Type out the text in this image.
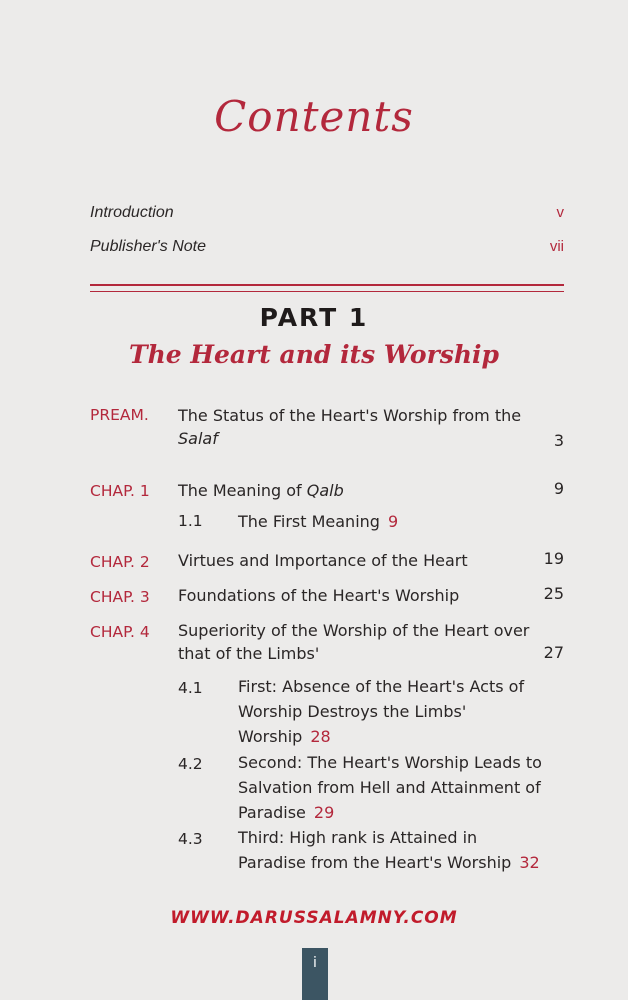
Contents
Introduction	v
Publisher's Note	vii
PART 1
The Heart and its Worship
PREAM. The Status of the Heart's Worship from the Salaf	3
CHAP. 1 The Meaning of Qalb	9
1.1 The First Meaning 9
CHAP. 2 Virtues and Importance of the Heart	19
CHAP. 3 Foundations of the Heart's Worship	25
CHAP. 4 Superiority of the Worship of the Heart over that of the Limbs'	27
4.1 First: Absence of the Heart's Acts of Worship Destroys the Limbs' Worship 28
4.2 Second: The Heart's Worship Leads to Salvation from Hell and Attainment of Paradise 29
4.3 Third: High rank is Attained in Paradise from the Heart's Worship 32
WWW.DARUSSALAMNY.COM
i
